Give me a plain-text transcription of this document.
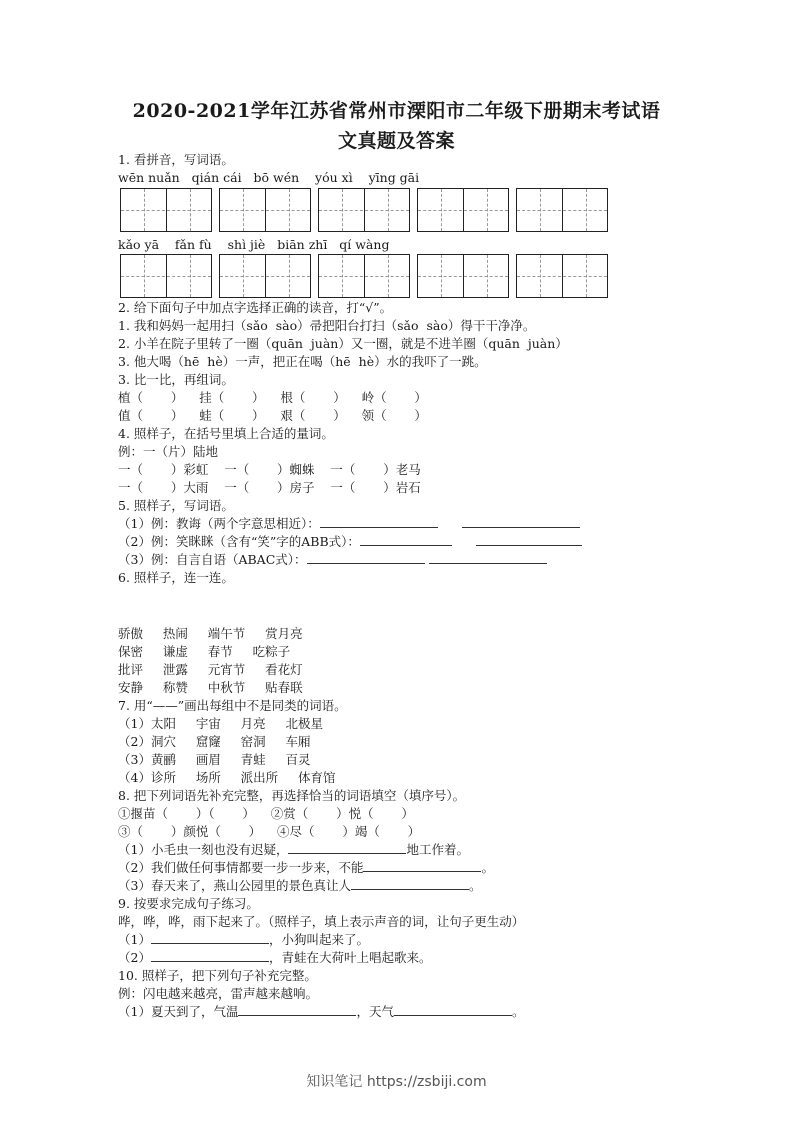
2020-2021学年江苏省常州市溧阳市二年级下册期末考试语
文真题及答案
1. 看拼音，写词语。
wēn nuǎn   qián cái   bō wén    yóu xì    yīng gāi
kǎo yā    fǎn fù    shì jiè   biān zhī   qí wàng
2. 给下面句子中加点字选择正确的读音，打“√”。
1. 我和妈妈一起用扫（sǎo  sào）帚把阳台打扫（sǎo  sào）得干干净净。
2. 小羊在院子里转了一圈（quān  juàn）又一圈，就是不进羊圈（quān  juàn）
3. 他大喝（hē  hè）一声，把正在喝（hē  hè）水的我吓了一跳。
3. 比一比，再组词。
植（       ）    挂（       ）    根（       ）    岭（       ）
值（       ）    蛙（       ）    艰（       ）    领（       ）
4. 照样子，在括号里填上合适的量词。
例：一（片）陆地
一（       ）彩虹    一（       ）蜘蛛    一（       ）老马
一（       ）大雨    一（       ）房子    一（       ）岩石
5. 照样子，写词语。
（1）例：教诲（两个字意思相近）：
（2）例：笑眯眯（含有“笑”字的ABB式）：
（3）例：自言自语（ABAC式）：
6. 照样子，连一连。
骄傲     热闹     端午节     赏月亮
保密     谦虚     春节     吃粽子
批评     泄露     元宵节     看花灯
安静     称赞     中秋节     贴春联
7. 用“——”画出每组中不是同类的词语。
（1）太阳     宇宙     月亮     北极星
（2）洞穴     窟窿     窑洞     车厢
（3）黄鹂     画眉     青蛙     百灵
（4）诊所     场所     派出所     体育馆
8. 把下列词语先补充完整，再选择恰当的词语填空（填序号）。
①揠苗（       ）（       ）    ②赏（       ）悦（       ）
③（       ）颜悦（       ）    ④尽（       ）竭（       ）
（1）小毛虫一刻也没有迟疑，	地工作着。
（2）我们做任何事情都要一步一步来，不能	。
（3）春天来了，燕山公园里的景色真让人	。
9. 按要求完成句子练习。
哗，哗，哗，雨下起来了。（照样子，填上表示声音的词，让句子更生动）
（1）	，小狗叫起来了。
（2）	，青蛙在大荷叶上唱起歌来。
10. 照样子，把下列句子补充完整。
例：闪电越来越亮，雷声越来越响。
（1）夏天到了，气温	，天气	。
知识笔记 https://zsbiji.com
